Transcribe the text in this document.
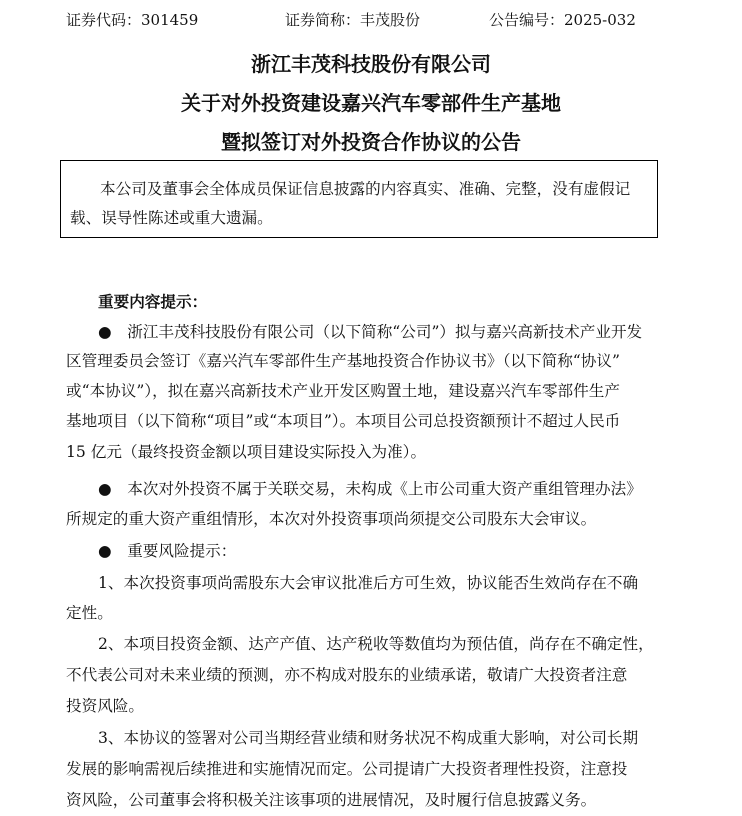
证券代码：301459	证券简称：丰茂股份	公告编号：2025-032
浙江丰茂科技股份有限公司
关于对外投资建设嘉兴汽车零部件生产基地
暨拟签订对外投资合作协议的公告
本公司及董事会全体成员保证信息披露的内容真实、准确、完整，没有虚假记
载、误导性陈述或重大遗漏。
重要内容提示：
●　浙江丰茂科技股份有限公司（以下简称“公司”）拟与嘉兴高新技术产业开发
区管理委员会签订《嘉兴汽车零部件生产基地投资合作协议书》（以下简称“协议”
或“本协议”），拟在嘉兴高新技术产业开发区购置土地，建设嘉兴汽车零部件生产
基地项目（以下简称“项目”或“本项目”）。本项目公司总投资额预计不超过人民币
15 亿元（最终投资金额以项目建设实际投入为准）。
●　本次对外投资不属于关联交易，未构成《上市公司重大资产重组管理办法》
所规定的重大资产重组情形，本次对外投资事项尚须提交公司股东大会审议。
●　重要风险提示：
1、本次投资事项尚需股东大会审议批准后方可生效，协议能否生效尚存在不确
定性。
2、本项目投资金额、达产产值、达产税收等数值均为预估值，尚存在不确定性，
不代表公司对未来业绩的预测，亦不构成对股东的业绩承诺，敬请广大投资者注意
投资风险。
3、本协议的签署对公司当期经营业绩和财务状况不构成重大影响，对公司长期
发展的影响需视后续推进和实施情况而定。公司提请广大投资者理性投资，注意投
资风险，公司董事会将积极关注该事项的进展情况，及时履行信息披露义务。
